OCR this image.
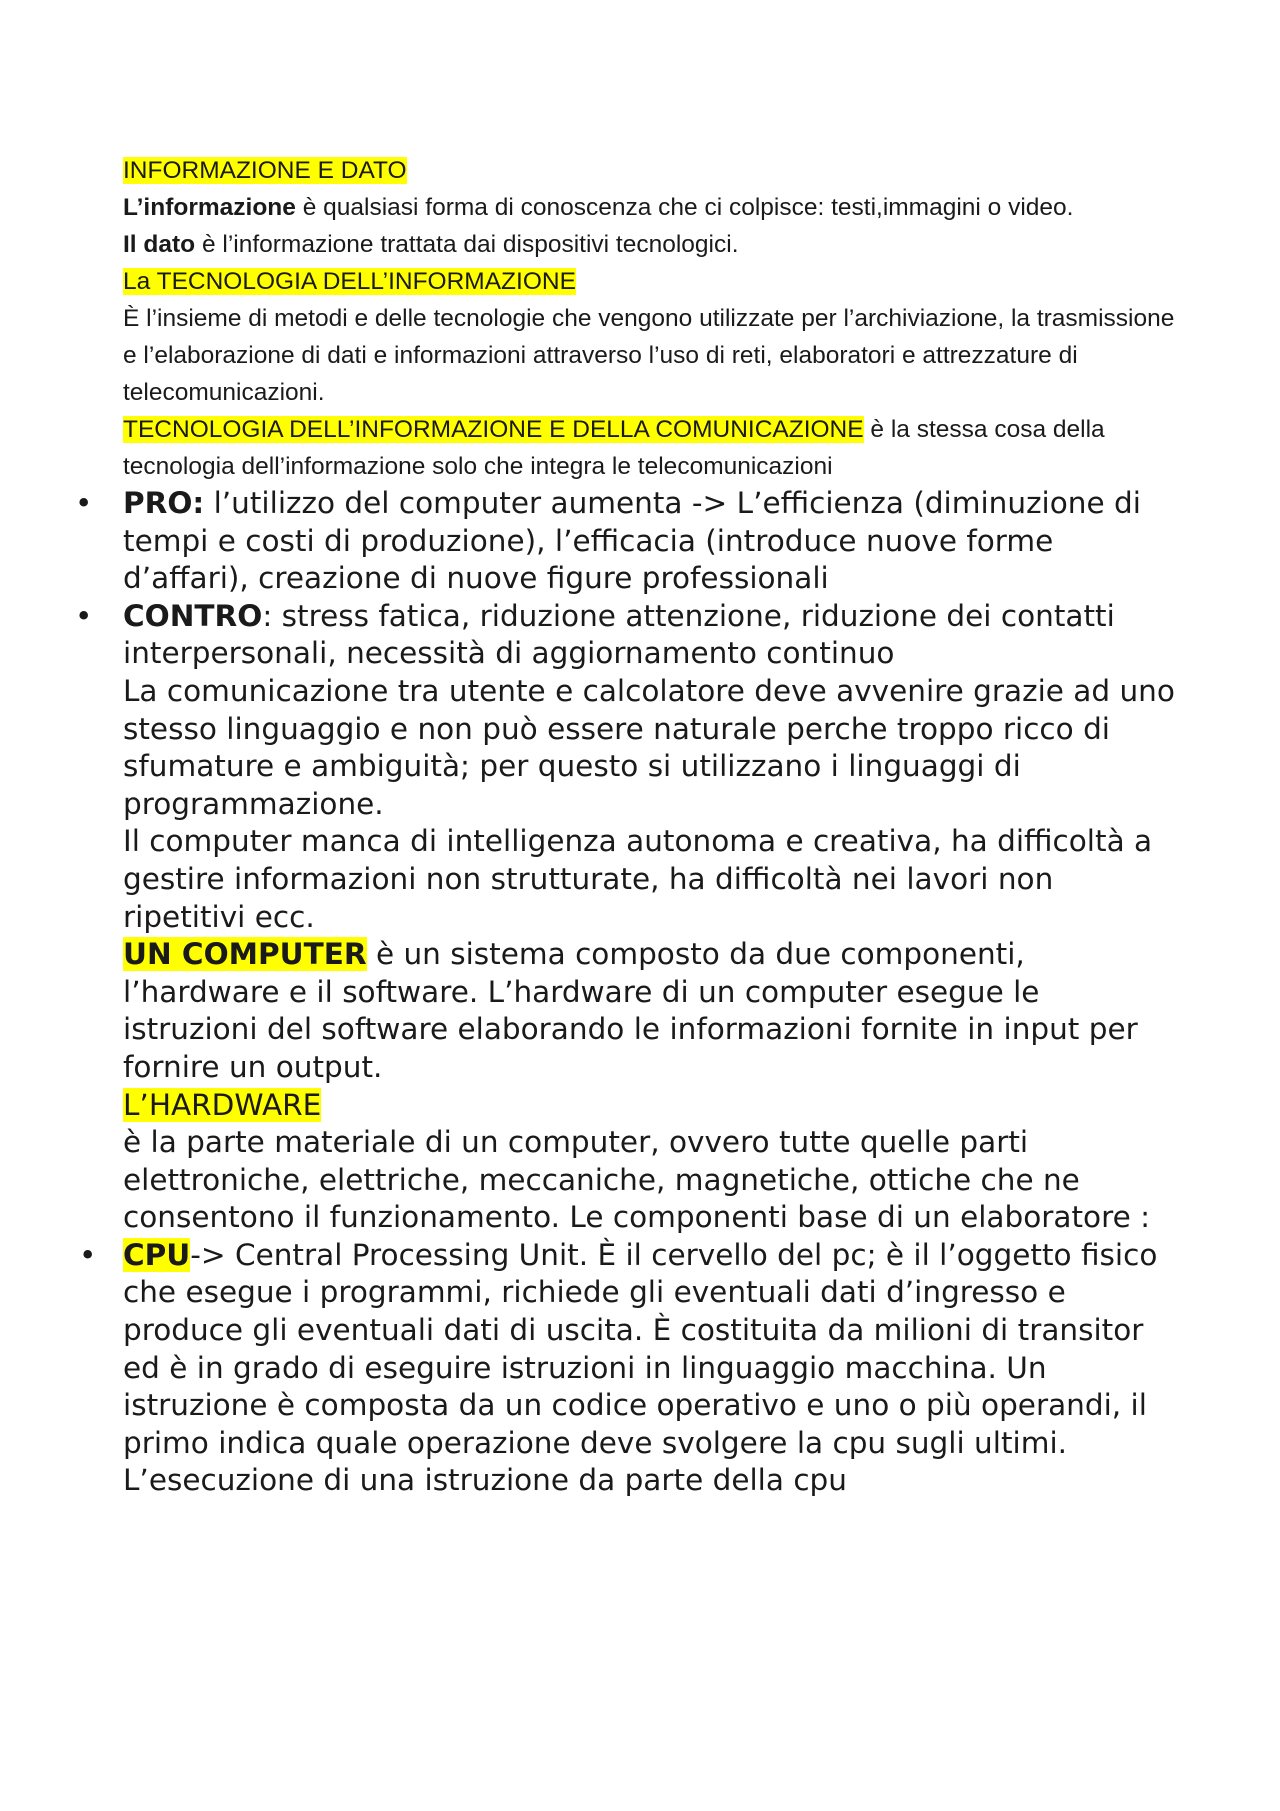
INFORMAZIONE E DATO

L’informazione è qualsiasi forma di conoscenza che ci colpisce: testi,immagini o video.

Il dato è l’informazione trattata dai dispositivi tecnologici.

La TECNOLOGIA DELL’INFORMAZIONE

È l’insieme di metodi e delle tecnologie che vengono utilizzate per l’archiviazione, la trasmissione e l’elaborazione di dati e informazioni attraverso l’uso di reti, elaboratori e attrezzature di telecomunicazioni.

TECNOLOGIA DELL’INFORMAZIONE E DELLA COMUNICAZIONE è la stessa cosa della tecnologia dell’informazione solo che integra le telecomunicazioni

• PRO: l’utilizzo del computer aumenta -> L’efficienza (diminuzione di tempi e costi di produzione), l’efficacia (introduce nuove forme d’affari), creazione di nuove figure professionali
• CONTRO: stress fatica, riduzione attenzione, riduzione dei contatti interpersonali, necessità di aggiornamento continuo

La comunicazione tra utente e calcolatore deve avvenire grazie ad uno stesso linguaggio e non può essere naturale perche troppo ricco di sfumature e ambiguità; per questo si utilizzano i linguaggi di programmazione.

Il computer manca di intelligenza autonoma e creativa, ha difficoltà a gestire informazioni non strutturate, ha difficoltà nei lavori non ripetitivi ecc.

UN COMPUTER è un sistema composto da due componenti, l’hardware e il software. L’hardware di un computer esegue le istruzioni del software elaborando le informazioni fornite in input per fornire un output.

L’HARDWARE

è la parte materiale di un computer, ovvero tutte quelle parti elettroniche, elettriche, meccaniche, magnetiche, ottiche che ne consentono il funzionamento. Le componenti base di un elaboratore :

• CPU-> Central Processing Unit. È il cervello del pc; è il l’oggetto fisico che esegue i programmi, richiede gli eventuali dati d’ingresso e produce gli eventuali dati di uscita. È costituita da milioni di transitor ed è in grado di eseguire istruzioni in linguaggio macchina. Un istruzione è composta da un codice operativo e uno o più operandi, il primo indica quale operazione deve svolgere la cpu sugli ultimi. L’esecuzione di una istruzione da parte della cpu
